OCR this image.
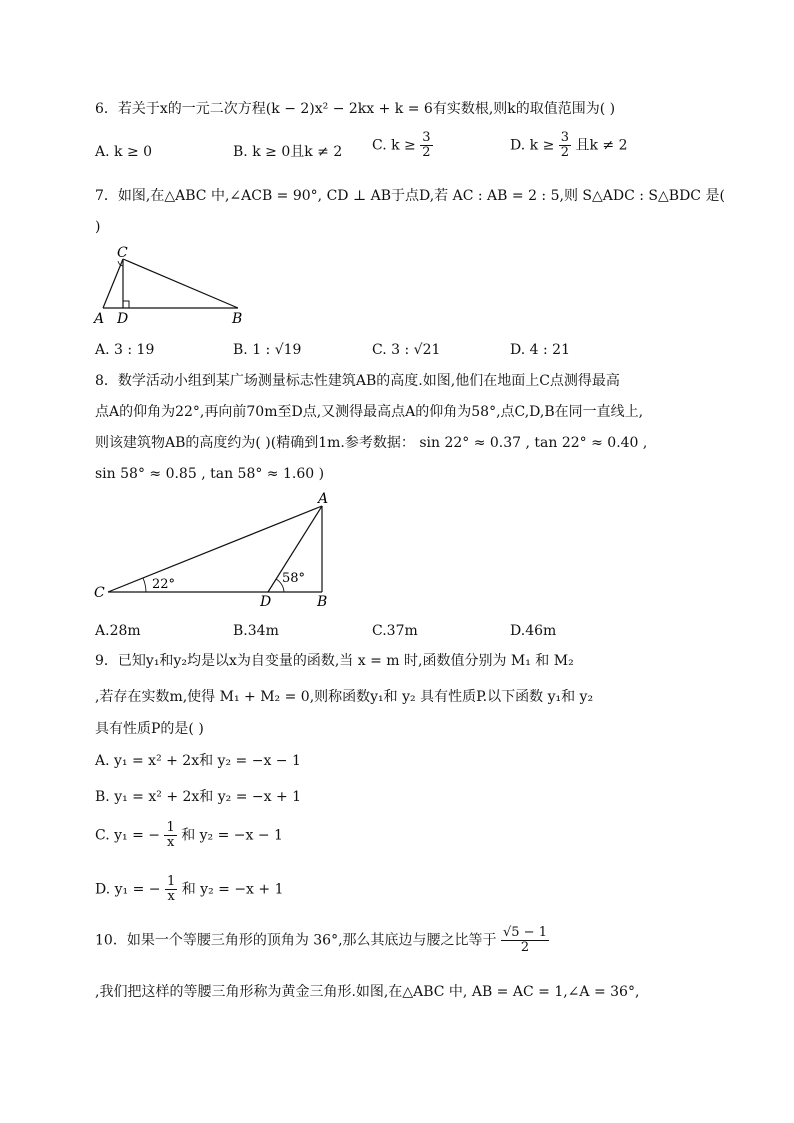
6．若关于x的一元二次方程(k − 2)x² − 2kx + k = 6有实数根,则k的取值范围为( )
A. k ≥ 0	B. k ≥ 0且k ≠ 2 C. $k \ge \frac{3}{2}$	D. $k \ge \frac{3}{2}$ 且k ≠ 2
7．如图,在△ABC 中,∠ACB = 90°, CD ⊥ AB于点D,若 AC : AB = 2 : 5,则 S△ADC : S△BDC 是(
)
C
A D	B
A. 3 : 19	B. 1 : √19	C. 3 : √21	D. 4 : 21
8．数学活动小组到某广场测量标志性建筑AB的高度.如图,他们在地面上C点测得最高
点A的仰角为22°,再向前70m至D点,又测得最高点A的仰角为58°,点C,D,B在同一直线上,
则该建筑物AB的高度约为( )(精确到1m.参考数据： sin 22° ≈ 0.37 , tan 22° ≈ 0.40 ,
sin 58° ≈ 0.85 , tan 58° ≈ 1.60 )
A
B
C
D
22°	58°
A.28m	B.34m	C.37m	D.46m
9．已知y₁和y₂均是以x为自变量的函数,当 x = m 时,函数值分别为 M₁ 和 M₂
,若存在实数m,使得 M₁ + M₂ = 0,则称函数y₁和 y₂ 具有性质P.以下函数 y₁和 y₂
具有性质P的是( )
A. y₁ = x² + 2x和 y₂ = −x − 1
B. y₁ = x² + 2x和 y₂ = −x + 1
C. y₁ = − $\frac{1}{x}$ 和 y₂ = −x − 1
D. y₁ = − $\frac{1}{x}$ 和 y₂ = −x + 1
10．如果一个等腰三角形的顶角为 36°,那么其底边与腰之比等于 $\frac{√5 - 1}{2}$
,我们把这样的等腰三角形称为黄金三角形.如图,在△ABC 中, AB = AC = 1,∠A = 36°,
